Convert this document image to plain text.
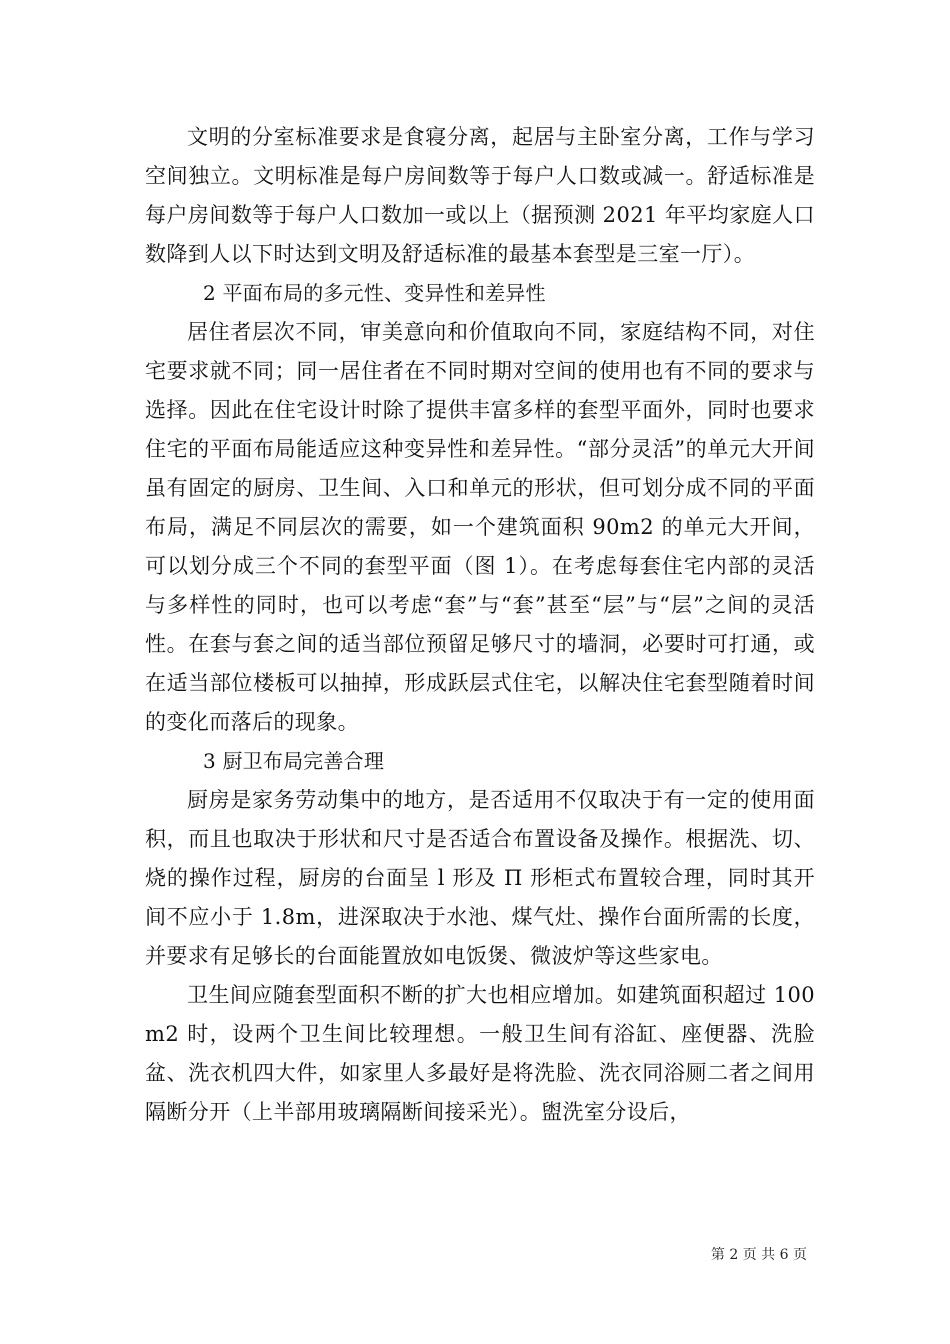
文明的分室标准要求是食寝分离，起居与主卧室分离，工作与学习空间独立。文明标准是每户房间数等于每户人口数或减一。舒适标准是每户房间数等于每户人口数加一或以上（据预测 2021 年平均家庭人口数降到人以下时达到文明及舒适标准的最基本套型是三室一厅）。

2 平面布局的多元性、变异性和差异性

居住者层次不同，审美意向和价值取向不同，家庭结构不同，对住宅要求就不同；同一居住者在不同时期对空间的使用也有不同的要求与选择。因此在住宅设计时除了提供丰富多样的套型平面外，同时也要求住宅的平面布局能适应这种变异性和差异性。“部分灵活”的单元大开间虽有固定的厨房、卫生间、入口和单元的形状，但可划分成不同的平面布局，满足不同层次的需要，如一个建筑面积 90m2 的单元大开间，可以划分成三个不同的套型平面（图 1）。在考虑每套住宅内部的灵活与多样性的同时，也可以考虑“套”与“套”甚至“层”与“层”之间的灵活性。在套与套之间的适当部位预留足够尺寸的墙洞，必要时可打通，或在适当部位楼板可以抽掉，形成跃层式住宅，以解决住宅套型随着时间的变化而落后的现象。

3 厨卫布局完善合理

厨房是家务劳动集中的地方，是否适用不仅取决于有一定的使用面积，而且也取决于形状和尺寸是否适合布置设备及操作。根据洗、切、烧的操作过程，厨房的台面呈 l 形及 Π 形柜式布置较合理，同时其开间不应小于 1.8m，进深取决于水池、煤气灶、操作台面所需的长度，并要求有足够长的台面能置放如电饭煲、微波炉等这些家电。

卫生间应随套型面积不断的扩大也相应增加。如建筑面积超过 100m2 时，设两个卫生间比较理想。一般卫生间有浴缸、座便器、洗脸盆、洗衣机四大件，如家里人多最好是将洗脸、洗衣同浴厕二者之间用隔断分开（上半部用玻璃隔断间接采光）。盥洗室分设后，

第 2 页 共 6 页
